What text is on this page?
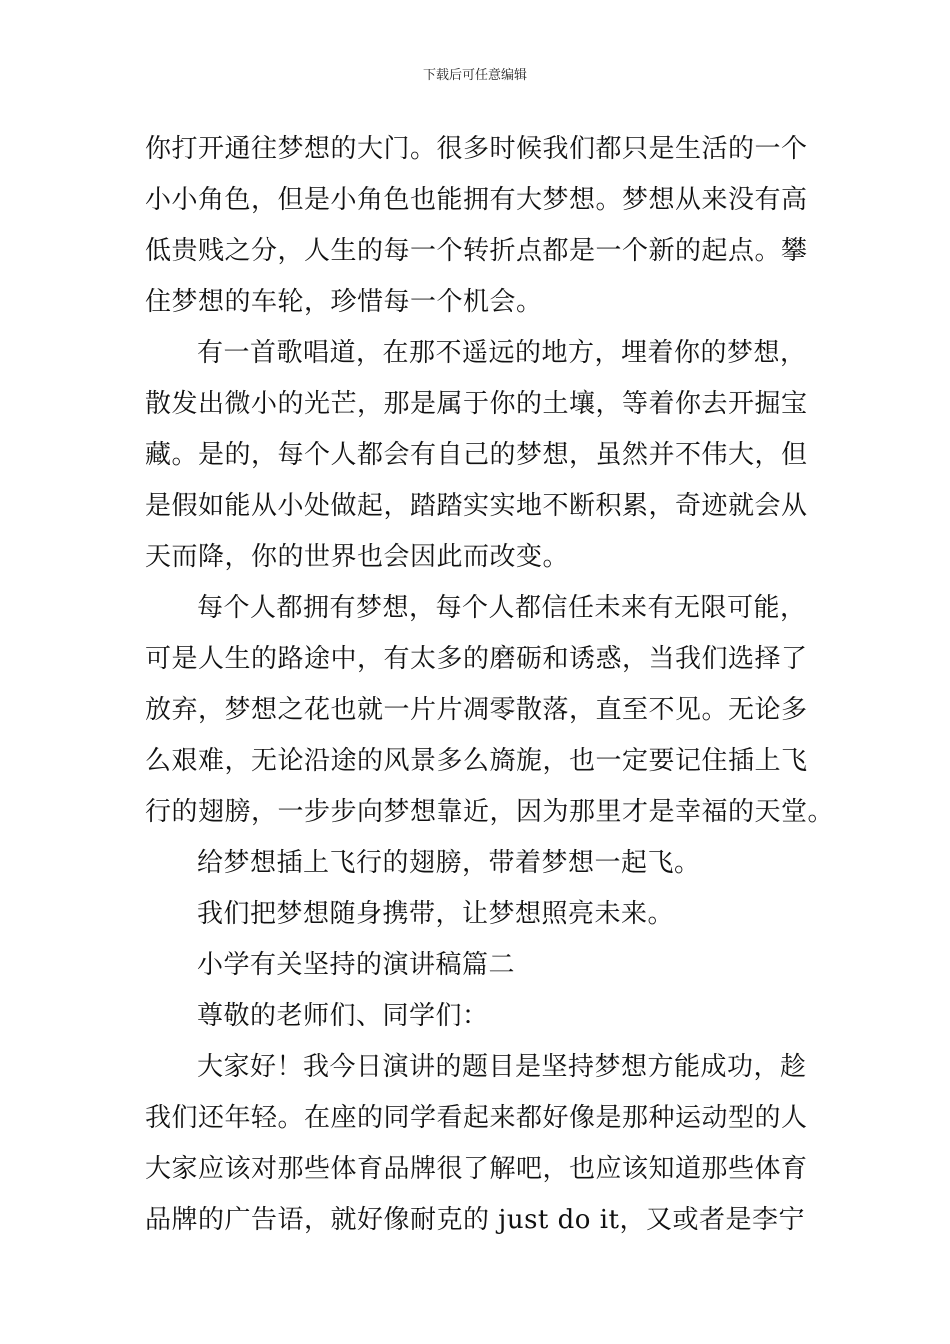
下载后可任意编辑
你打开通往梦想的大门。很多时候我们都只是生活的一个
小小角色，但是小角色也能拥有大梦想。梦想从来没有高
低贵贱之分，人生的每一个转折点都是一个新的起点。攀
住梦想的车轮，珍惜每一个机会。
有一首歌唱道，在那不遥远的地方，埋着你的梦想，
散发出微小的光芒，那是属于你的土壤，等着你去开掘宝
藏。是的，每个人都会有自己的梦想，虽然并不伟大，但
是假如能从小处做起，踏踏实实地不断积累，奇迹就会从
天而降，你的世界也会因此而改变。
每个人都拥有梦想，每个人都信任未来有无限可能，
可是人生的路途中，有太多的磨砺和诱惑，当我们选择了
放弃，梦想之花也就一片片凋零散落，直至不见。无论多
么艰难，无论沿途的风景多么旖旎，也一定要记住插上飞
行的翅膀，一步步向梦想靠近，因为那里才是幸福的天堂。
给梦想插上飞行的翅膀，带着梦想一起飞。
我们把梦想随身携带，让梦想照亮未来。
小学有关坚持的演讲稿篇二
尊敬的老师们、同学们：
大家好！我今日演讲的题目是坚持梦想方能成功，趁
我们还年轻。在座的同学看起来都好像是那种运动型的人
大家应该对那些体育品牌很了解吧，也应该知道那些体育
品牌的广告语，就好像耐克的 just do it，又或者是李宁
